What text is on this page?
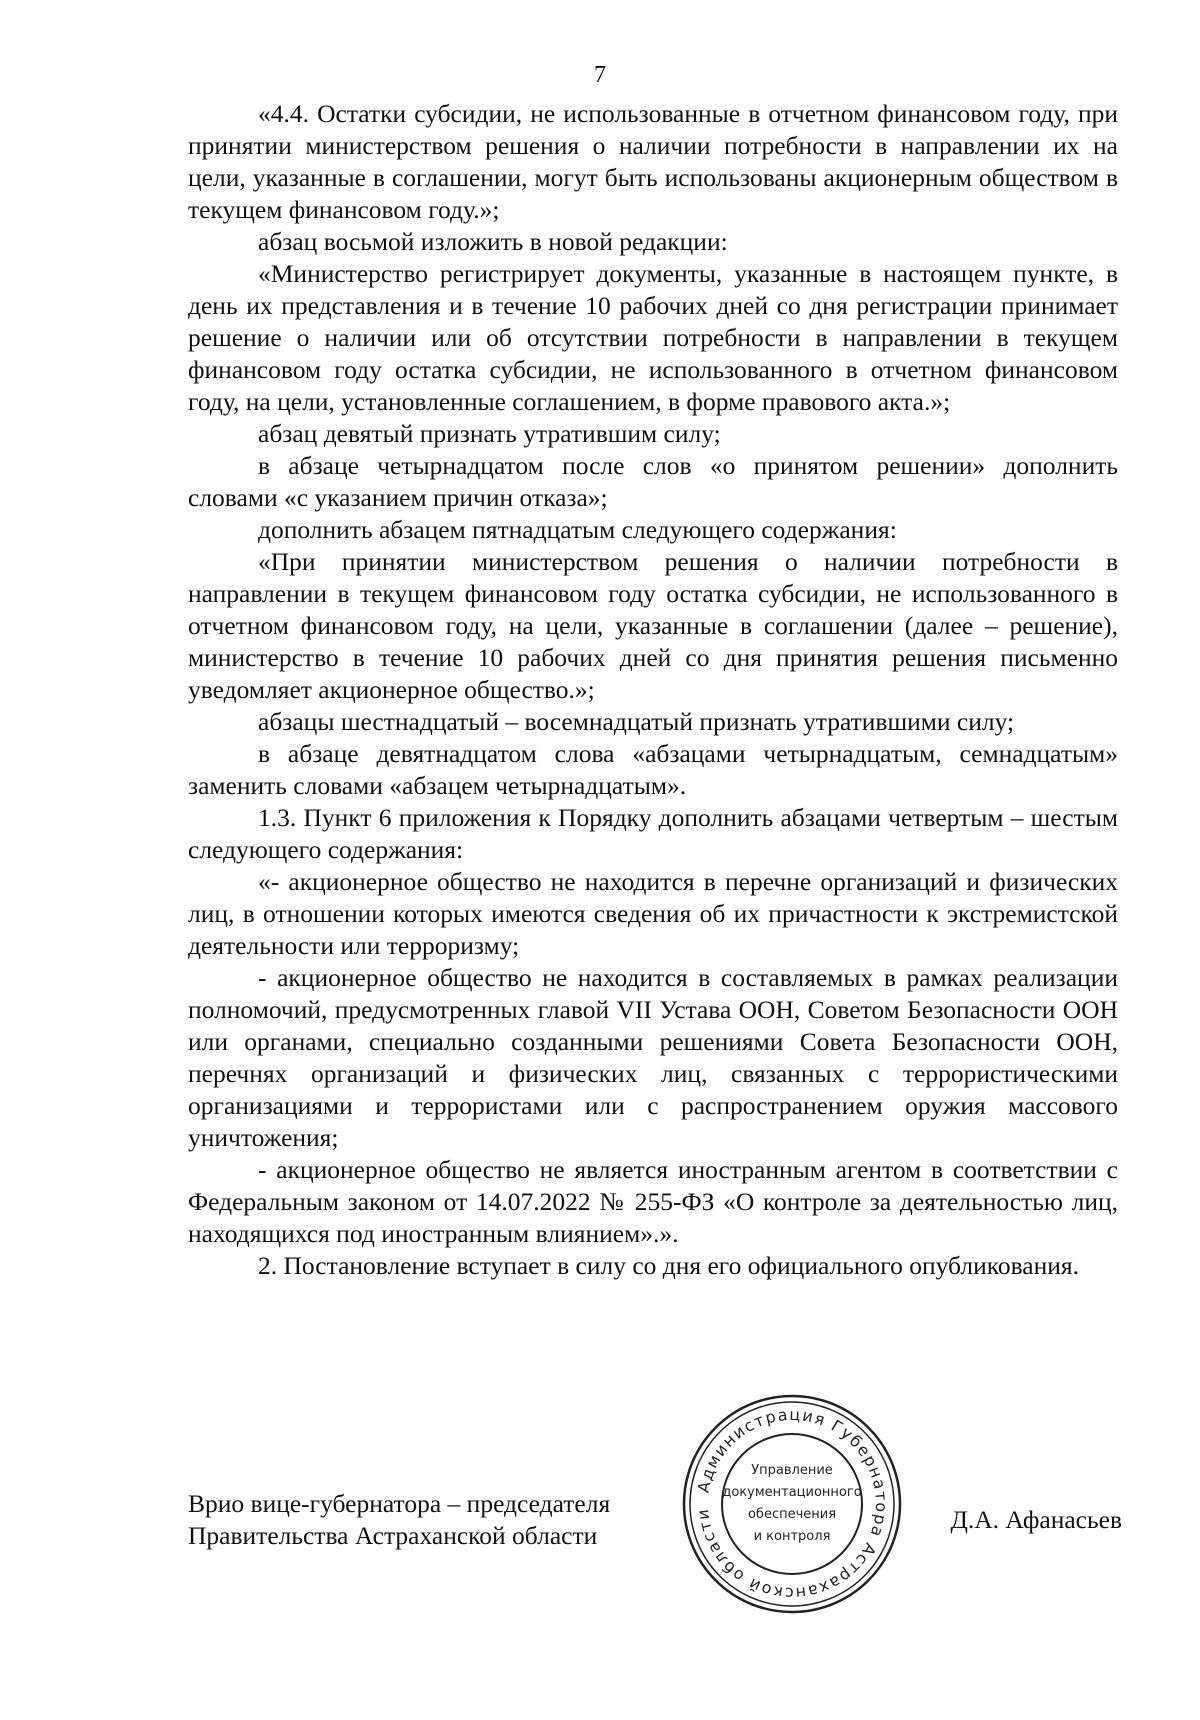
7

«4.4. Остатки субсидии, не использованные в отчетном финансовом году, при принятии министерством решения о наличии потребности в направлении их на цели, указанные в соглашении, могут быть использованы акционерным обществом в текущем финансовом году.»;

абзац восьмой изложить в новой редакции:

«Министерство регистрирует документы, указанные в настоящем пункте, в день их представления и в течение 10 рабочих дней со дня регистрации принимает решение о наличии или об отсутствии потребности в направлении в текущем финансовом году остатка субсидии, не использованного в отчетном финансовом году, на цели, установленные соглашением, в форме правового акта.»;

абзац девятый признать утратившим силу;

в абзаце четырнадцатом после слов «о принятом решении» дополнить словами «с указанием причин отказа»;

дополнить абзацем пятнадцатым следующего содержания:

«При принятии министерством решения о наличии потребности в направлении в текущем финансовом году остатка субсидии, не использованного в отчетном финансовом году, на цели, указанные в соглашении (далее – решение), министерство в течение 10 рабочих дней со дня принятия решения письменно уведомляет акционерное общество.»;

абзацы шестнадцатый – восемнадцатый признать утратившими силу;

в абзаце девятнадцатом слова «абзацами четырнадцатым, семнадцатым» заменить словами «абзацем четырнадцатым».

1.3. Пункт 6 приложения к Порядку дополнить абзацами четвертым – шестым следующего содержания:

«- акционерное общество не находится в перечне организаций и физических лиц, в отношении которых имеются сведения об их причастности к экстремистской деятельности или терроризму;

- акционерное общество не находится в составляемых в рамках реализации полномочий, предусмотренных главой VII Устава ООН, Советом Безопасности ООН или органами, специально созданными решениями Совета Безопасности ООН, перечнях организаций и физических лиц, связанных с террористическими организациями и террористами или с распространением оружия массового уничтожения;

- акционерное общество не является иностранным агентом в соответствии с Федеральным законом от 14.07.2022 № 255-ФЗ «О контроле за деятельностью лиц, находящихся под иностранным влиянием».».

2. Постановление вступает в силу со дня его официального опубликования.

Врио вице-губернатора – председателя
Правительства Астраханской области
Администрация Губернатора Астраханской области
Управление
документационного
обеспечения
и контроля
Д.А. Афанасьев
